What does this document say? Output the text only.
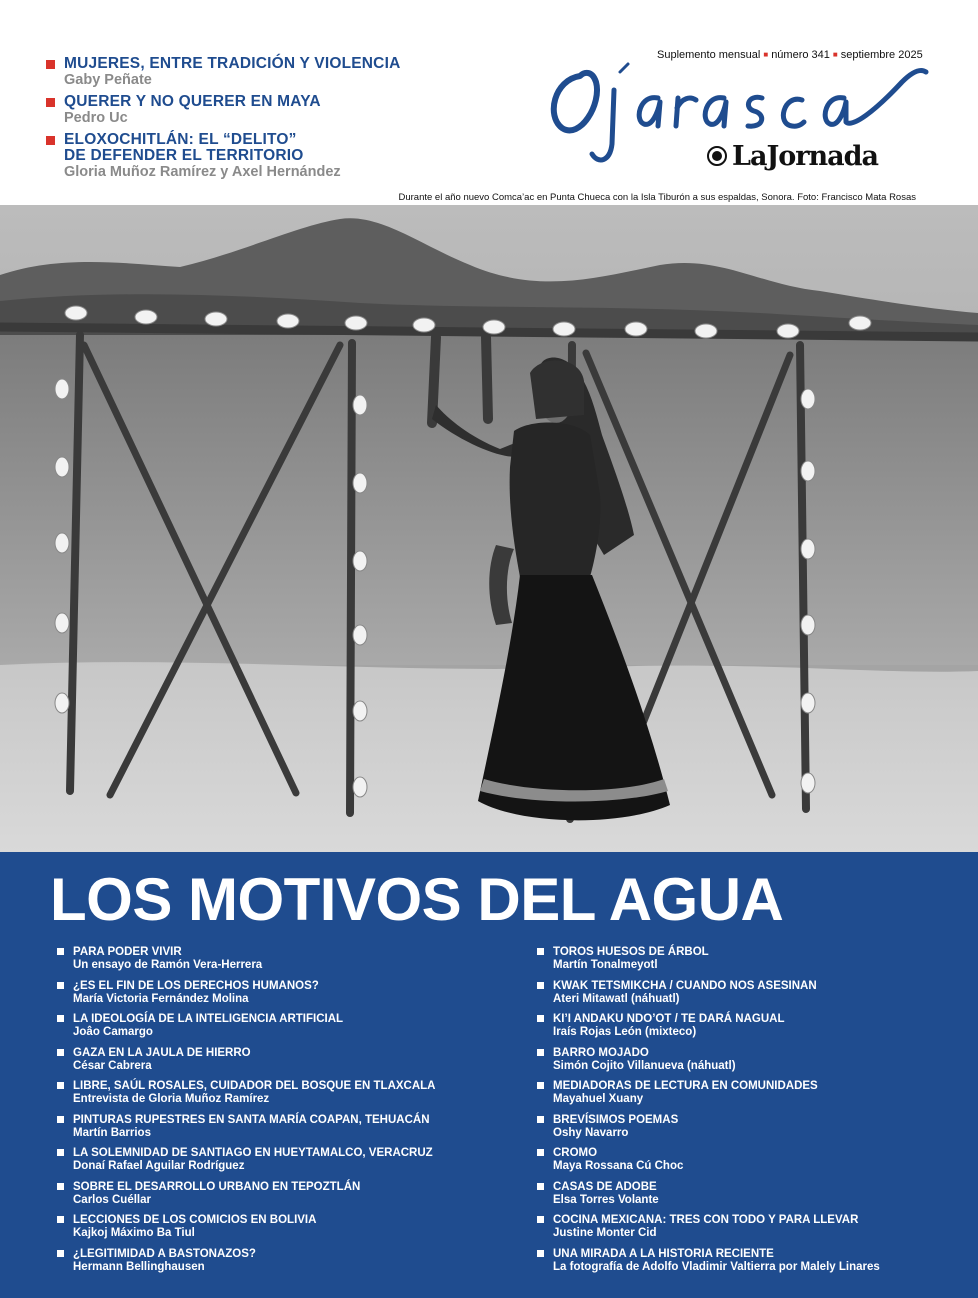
MUJERES, ENTRE TRADICIÓN Y VIOLENCIA
Gaby Peñate
QUERER Y NO QUERER EN MAYA
Pedro Uc
ELOXOCHITLÁN: EL “DELITO”
DE DEFENDER EL TERRITORIO
Gloria Muñoz Ramírez y Axel Hernández
Suplemento mensual ■ número 341 ■ septiembre 2025
LaJornada
Durante el año nuevo Comca’ac en Punta Chueca con la Isla Tiburón a sus espaldas, Sonora. Foto: Francisco Mata Rosas
LOS MOTIVOS DEL AGUA
PARA PODER VIVIR
Un ensayo de Ramón Vera-Herrera
¿ES EL FIN DE LOS DERECHOS HUMANOS?
María Victoria Fernández Molina
LA IDEOLOGÍA DE LA INTELIGENCIA ARTIFICIAL
Joâo Camargo
GAZA EN LA JAULA DE HIERRO
César Cabrera
LIBRE, SAÚL ROSALES, CUIDADOR DEL BOSQUE EN TLAXCALA
Entrevista de Gloria Muñoz Ramírez
PINTURAS RUPESTRES EN SANTA MARÍA COAPAN, TEHUACÁN
Martín Barrios
LA SOLEMNIDAD DE SANTIAGO EN HUEYTAMALCO, VERACRUZ
Donaí Rafael Aguilar Rodríguez
SOBRE EL DESARROLLO URBANO EN TEPOZTLÁN
Carlos Cuéllar
LECCIONES DE LOS COMICIOS EN BOLIVIA
Kajkoj Máximo Ba Tiul
¿LEGITIMIDAD A BASTONAZOS?
Hermann Bellinghausen
TOROS HUESOS DE ÁRBOL
Martín Tonalmeyotl
KWAK TETSMIKCHA / CUANDO NOS ASESINAN
Ateri Mitawatl (náhuatl)
KI’I ANDAKU NDO’OT / TE DARÁ NAGUAL
Iraís Rojas León (mixteco)
BARRO MOJADO
Simón Cojito Villanueva (náhuatl)
MEDIADORAS DE LECTURA EN COMUNIDADES
Mayahuel Xuany
BREVÍSIMOS POEMAS
Oshy Navarro
CROMO
Maya Rossana Cú Choc
CASAS DE ADOBE
Elsa Torres Volante
COCINA MEXICANA: TRES CON TODO Y PARA LLEVAR
Justine Monter Cid
UNA MIRADA A LA HISTORIA RECIENTE
La fotografía de Adolfo Vladimir Valtierra por Malely Linares
